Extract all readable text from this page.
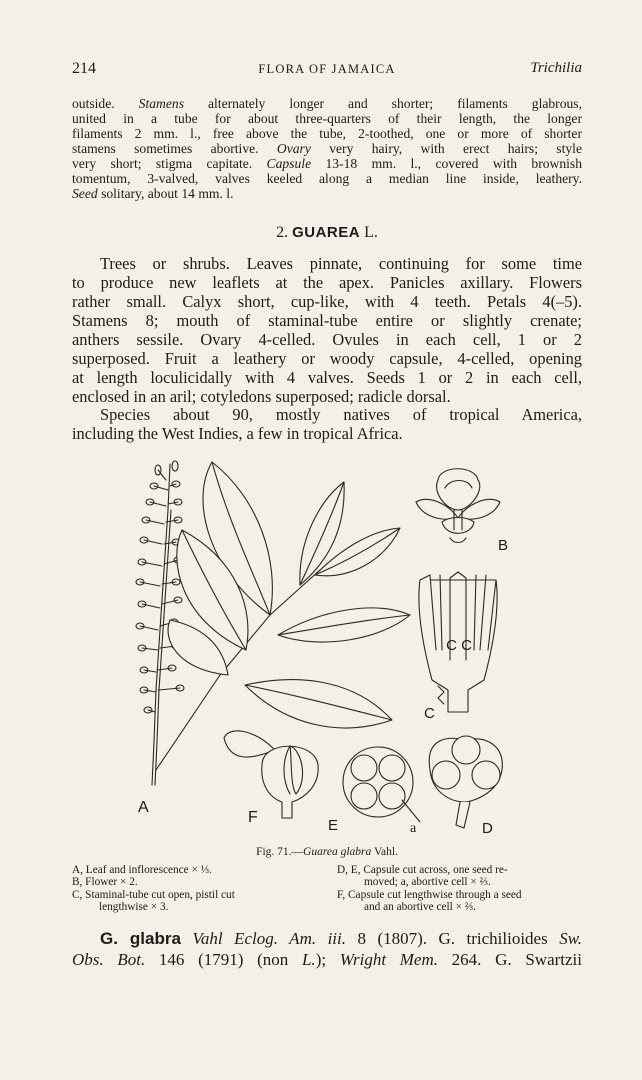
214	FLORA OF JAMAICA	Trichilia
outside. Stamens alternately longer and shorter; filaments glabrous,
united in a tube for about three-quarters of their length, the longer
filaments 2 mm. l., free above the tube, 2-toothed, one or more of shorter
stamens sometimes abortive. Ovary very hairy, with erect hairs; style
very short; stigma capitate. Capsule 13-18 mm. l., covered with brownish
tomentum, 3-valved, valves keeled along a median line inside, leathery.
Seed solitary, about 14 mm. l.
2. GUAREA L.
Trees or shrubs. Leaves pinnate, continuing for some time
to produce new leaflets at the apex. Panicles axillary. Flowers
rather small. Calyx short, cup-like, with 4 teeth. Petals 4(–5).
Stamens 8; mouth of staminal-tube entire or slightly crenate;
anthers sessile. Ovary 4-celled. Ovules in each cell, 1 or 2
superposed. Fruit a leathery or woody capsule, 4-celled, opening
at length loculicidally with 4 valves. Seeds 1 or 2 in each cell,
enclosed in an aril; cotyledons superposed; radicle dorsal.
Species about 90, mostly natives of tropical America,
including the West Indies, a few in tropical Africa.
A
B
C C
C
E	a	D
F
Fig. 71.—Guarea glabra Vahl.
A, Leaf and inflorescence × ⅓.
B, Flower × 2.
C, Staminal-tube cut open, pistil cut
lengthwise × 3.
D, E, Capsule cut across, one seed re-
moved; a, abortive cell × ⅔.
F, Capsule cut lengthwise through a seed
and an abortive cell × ⅔.
G. glabra Vahl Eclog. Am. iii. 8 (1807). G. trichilioides Sw.
Obs. Bot. 146 (1791) (non L.); Wright Mem. 264. G. Swartzii
